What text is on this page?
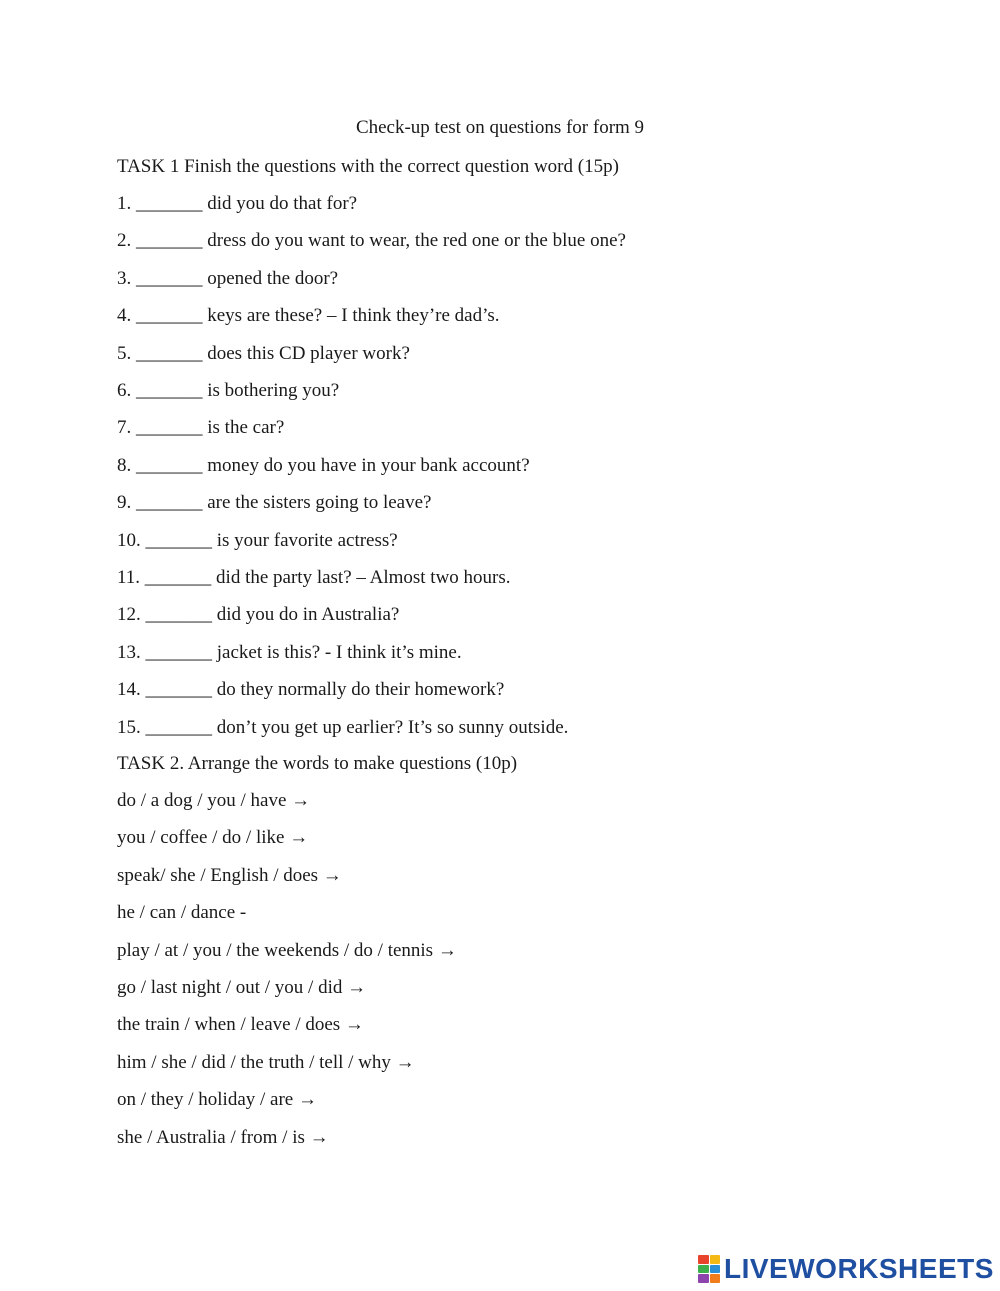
Check-up test on questions for form 9

TASK 1 Finish the questions with the correct question word (15p)

1. _______ did you do that for?

2. _______ dress do you want to wear, the red one or the blue one?

3. _______ opened the door?

4. _______ keys are these? – I think they’re dad’s.

5. _______ does this CD player work?

6. _______ is bothering you?

7. _______ is the car?

8. _______ money do you have in your bank account?

9. _______ are the sisters going to leave?

10. _______ is your favorite actress?

11. _______ did the party last? – Almost two hours.

12. _______ did you do in Australia?

13. _______ jacket is this? - I think it’s mine.

14. _______ do they normally do their homework?

15. _______ don’t you get up earlier? It’s so sunny outside.

TASK 2. Arrange the words to make questions (10p)

do / a dog / you / have →

you / coffee / do / like →

speak/ she / English / does →

he / can / dance -

play / at / you / the weekends / do / tennis →

go / last night / out / you / did →

the train / when / leave / does →

him / she / did / the truth / tell / why →

on / they / holiday / are →

she / Australia / from / is →

LIVEWORKSHEETS
